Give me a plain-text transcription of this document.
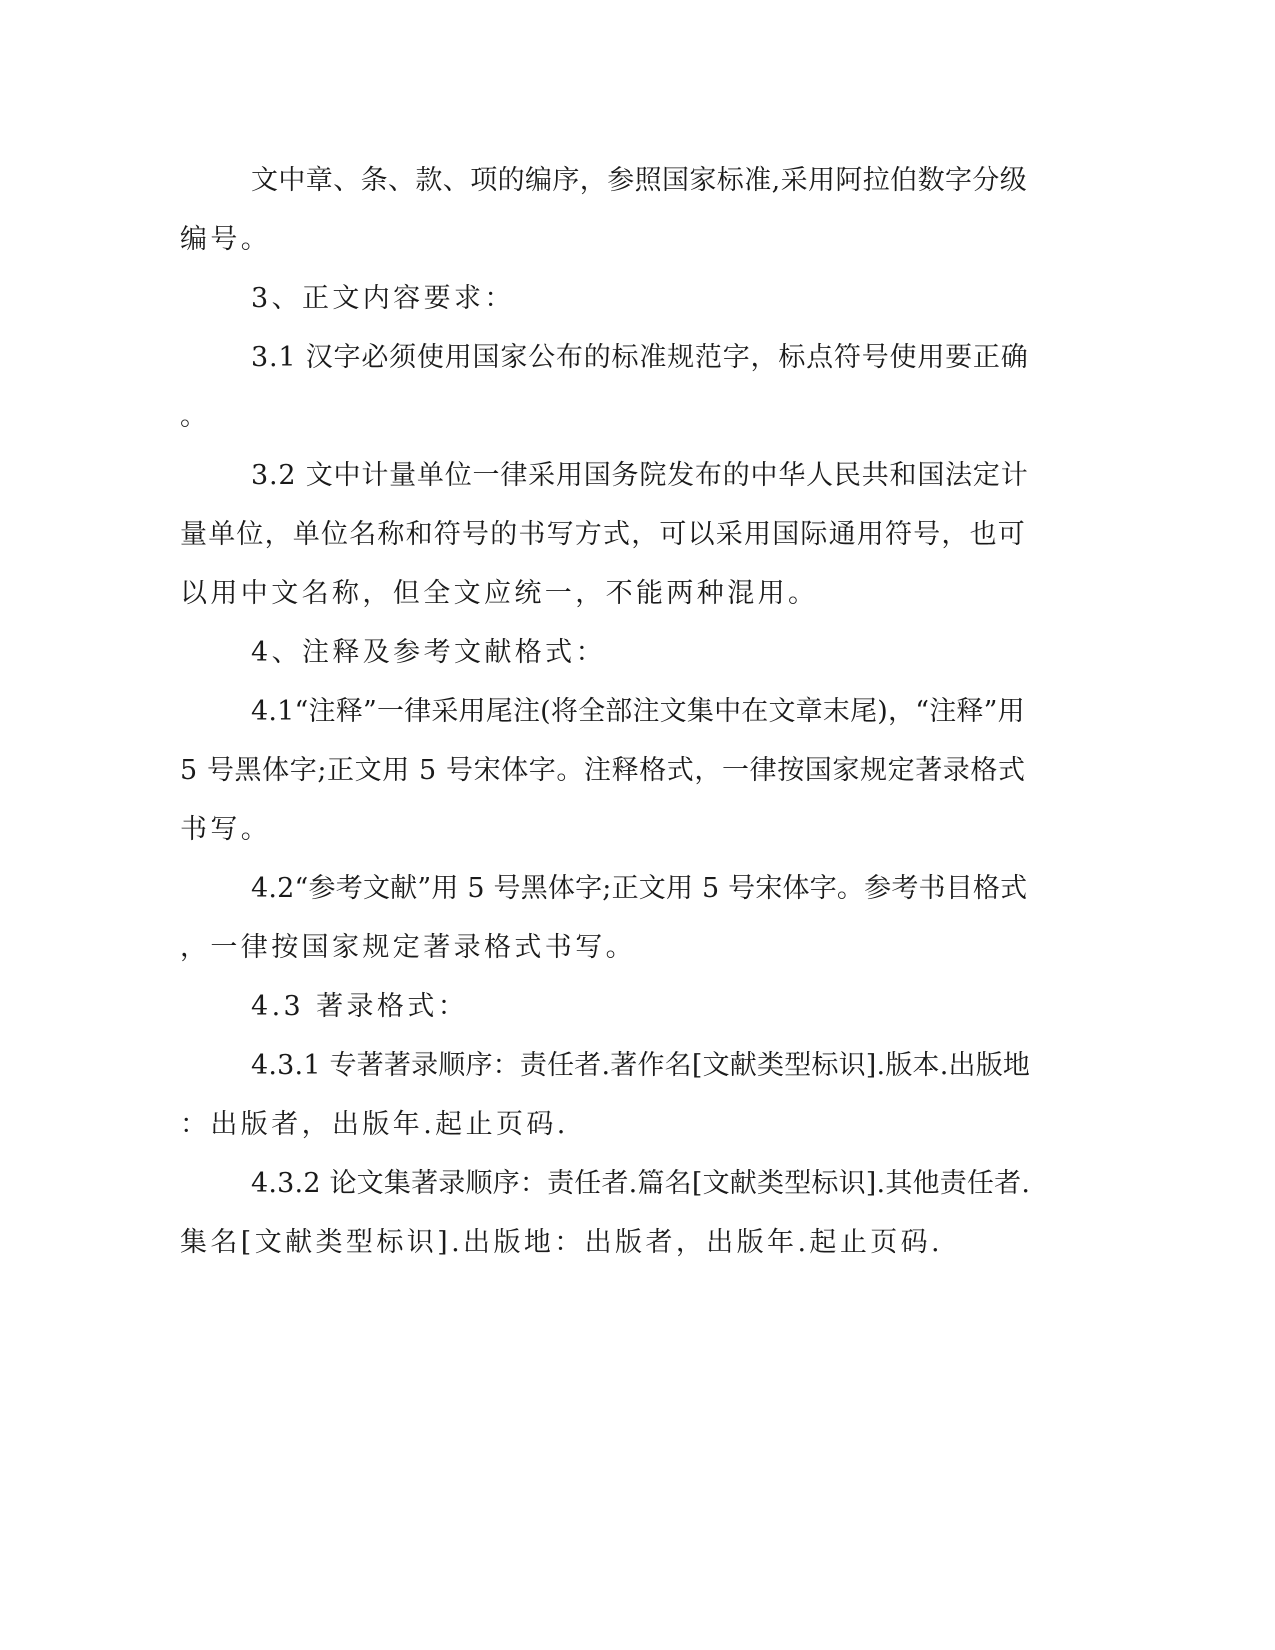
文中章、条、款、项的编序，参照国家标准,采用阿拉伯数字分级
编号。
3、正文内容要求：
3.1 汉字必须使用国家公布的标准规范字，标点符号使用要正确
。
3.2 文中计量单位一律采用国务院发布的中华人民共和国法定计
量单位，单位名称和符号的书写方式，可以采用国际通用符号，也可
以用中文名称，但全文应统一，不能两种混用。
4、注释及参考文献格式：
4.1“注释”一律采用尾注(将全部注文集中在文章末尾)，“注释”用
5 号黑体字;正文用 5 号宋体字。注释格式，一律按国家规定著录格式
书写。
4.2“参考文献”用 5 号黑体字;正文用 5 号宋体字。参考书目格式
，一律按国家规定著录格式书写。
4.3 著录格式：
4.3.1 专著著录顺序：责任者.著作名[文献类型标识].版本.出版地
：出版者，出版年.起止页码.
4.3.2 论文集著录顺序：责任者.篇名[文献类型标识].其他责任者.
集名[文献类型标识].出版地：出版者，出版年.起止页码.
